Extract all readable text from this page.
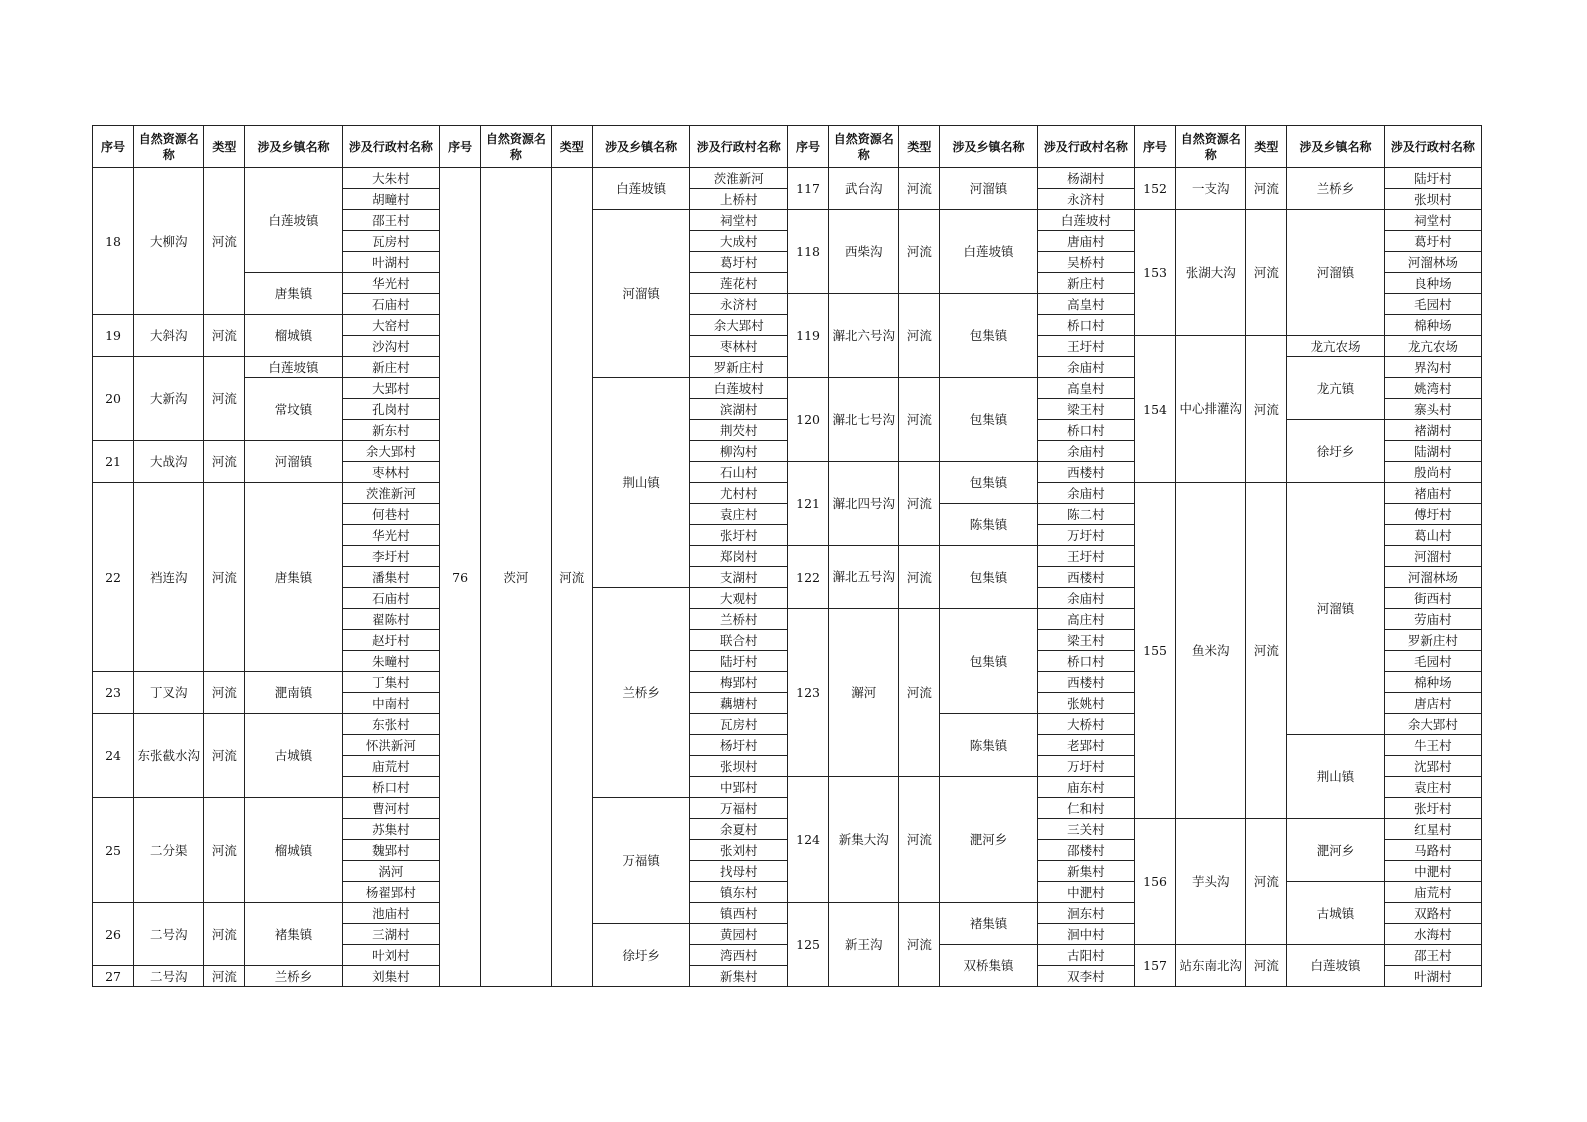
序号	自然资源名称	类型	涉及乡镇名称	涉及行政村名称
18	大柳沟	河流	白莲坡镇	大朱村
				胡疃村
				邵王村
				瓦房村
				叶湖村
			唐集镇	华光村
				石庙村
19	大斜沟	河流	榴城镇	大窑村
				沙沟村
20	大新沟	河流	白莲坡镇	新庄村
			常坟镇	大郢村
				孔岗村
				新东村
21	大战沟	河流	河溜镇	余大郢村
				枣林村
22	裆连沟	河流	唐集镇	茨淮新河
				何巷村
				华光村
				李圩村
				潘集村
				石庙村
				翟陈村
				赵圩村
				朱疃村
23	丁叉沟	河流	淝南镇	丁集村
				中南村
24	东张截水沟	河流	古城镇	东张村
				怀洪新河
				庙荒村
				桥口村
25	二分渠	河流	榴城镇	曹河村
				苏集村
				魏郢村
				涡河
				杨翟郢村
26	二号沟	河流	褚集镇	池庙村
				三湖村
				叶刘村
27	二号沟	河流	兰桥乡	刘集村
序号	自然资源名称	类型	涉及乡镇名称	涉及行政村名称
76	茨河	河流	白莲坡镇	茨淮新河
				上桥村
			河溜镇	祠堂村
				大成村
				葛圩村
				莲花村
				永济村
				余大郢村
				枣林村
				罗新庄村
			荆山镇	白莲坡村
				滨湖村
				荆芡村
				柳沟村
				石山村
				尤村村
				袁庄村
				张圩村
				郑岗村
				支湖村
			兰桥乡	大观村
				兰桥村
				联合村
				陆圩村
				梅郢村
				藕塘村
				瓦房村
				杨圩村
				张坝村
				中郢村
			万福镇	万福村
				余夏村
				张刘村
				找母村
				镇东村
				镇西村
			徐圩乡	黄园村
				湾西村
				新集村
序号	自然资源名称	类型	涉及乡镇名称	涉及行政村名称
117	武台沟	河流	河溜镇	杨湖村
				永济村
118	西柴沟	河流	白莲坡镇	白莲坡村
				唐庙村
				吴桥村
				新庄村
119	澥北六号沟	河流	包集镇	高皇村
				桥口村
				王圩村
				余庙村
120	澥北七号沟	河流	包集镇	高皇村
				梁王村
				桥口村
				余庙村
121	澥北四号沟	河流	包集镇	西楼村
				余庙村
			陈集镇	陈二村
				万圩村
122	澥北五号沟	河流	包集镇	王圩村
				西楼村
				余庙村
123	澥河	河流	包集镇	高庄村
				梁王村
				桥口村
				西楼村
				张姚村
			陈集镇	大桥村
				老郢村
				万圩村
124	新集大沟	河流	淝河乡	庙东村
				仁和村
				三关村
				邵楼村
				新集村
				中淝村
125	新王沟	河流	褚集镇	洄东村
				洄中村
			双桥集镇	古阳村
				双李村
序号	自然资源名称	类型	涉及乡镇名称	涉及行政村名称
152	一支沟	河流	兰桥乡	陆圩村
				张坝村
153	张湖大沟	河流	河溜镇	祠堂村
				葛圩村
				河溜林场
				良种场
				毛园村
				棉种场
154	中心排灌沟	河流	龙亢农场	龙亢农场
			龙亢镇	界沟村
				姚湾村
				寨头村
			徐圩乡	褚湖村
				陆湖村
				殷尚村
155	鱼米沟	河流	河溜镇	褚庙村
				傅圩村
				葛山村
				河溜村
				河溜林场
				街西村
				劳庙村
				罗新庄村
				毛园村
				棉种场
				唐店村
				余大郢村
			荆山镇	牛王村
				沈郢村
				袁庄村
				张圩村
156	芋头沟	河流	淝河乡	红星村
				马路村
				中淝村
			古城镇	庙荒村
				双路村
				水海村
157	站东南北沟	河流	白莲坡镇	邵王村
				叶湖村
